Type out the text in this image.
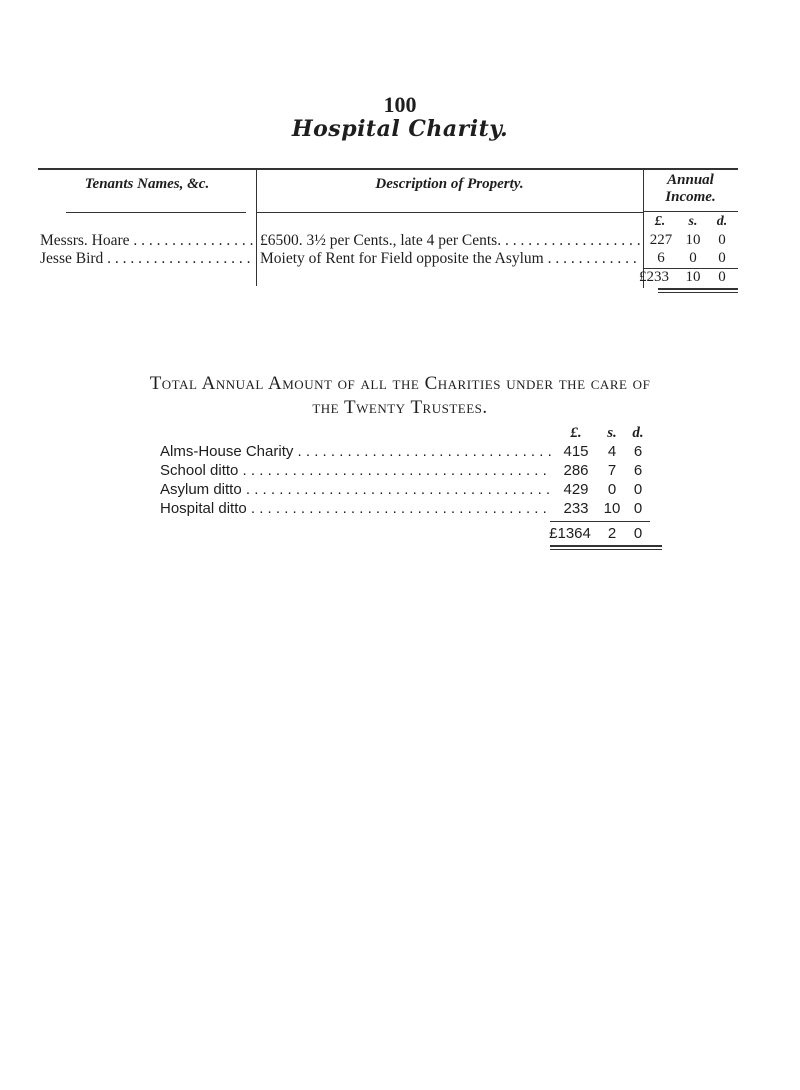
100
Hospital Charity.
Tenants Names, &c.	Description of Property.	Annual Income.
£.	s.	d.
Messrs. Hoare . . .	£6500. 3½ per Cents., late 4 per Cents. . . .	227 10	0
Jesse Bird . . .	Moiety of Rent for Field opposite the Asylum . . .	6	0	0
£233	10	0
Total Annual Amount of all the Charities under the care of
the Twenty Trustees.
£.	s.	d.
Alms-House Charity . . .	415	4	6
School ditto . . .	286	7	6
Asylum ditto . . .	429	0	0
Hospital ditto . . .	233	10 0
£1364	2	0
